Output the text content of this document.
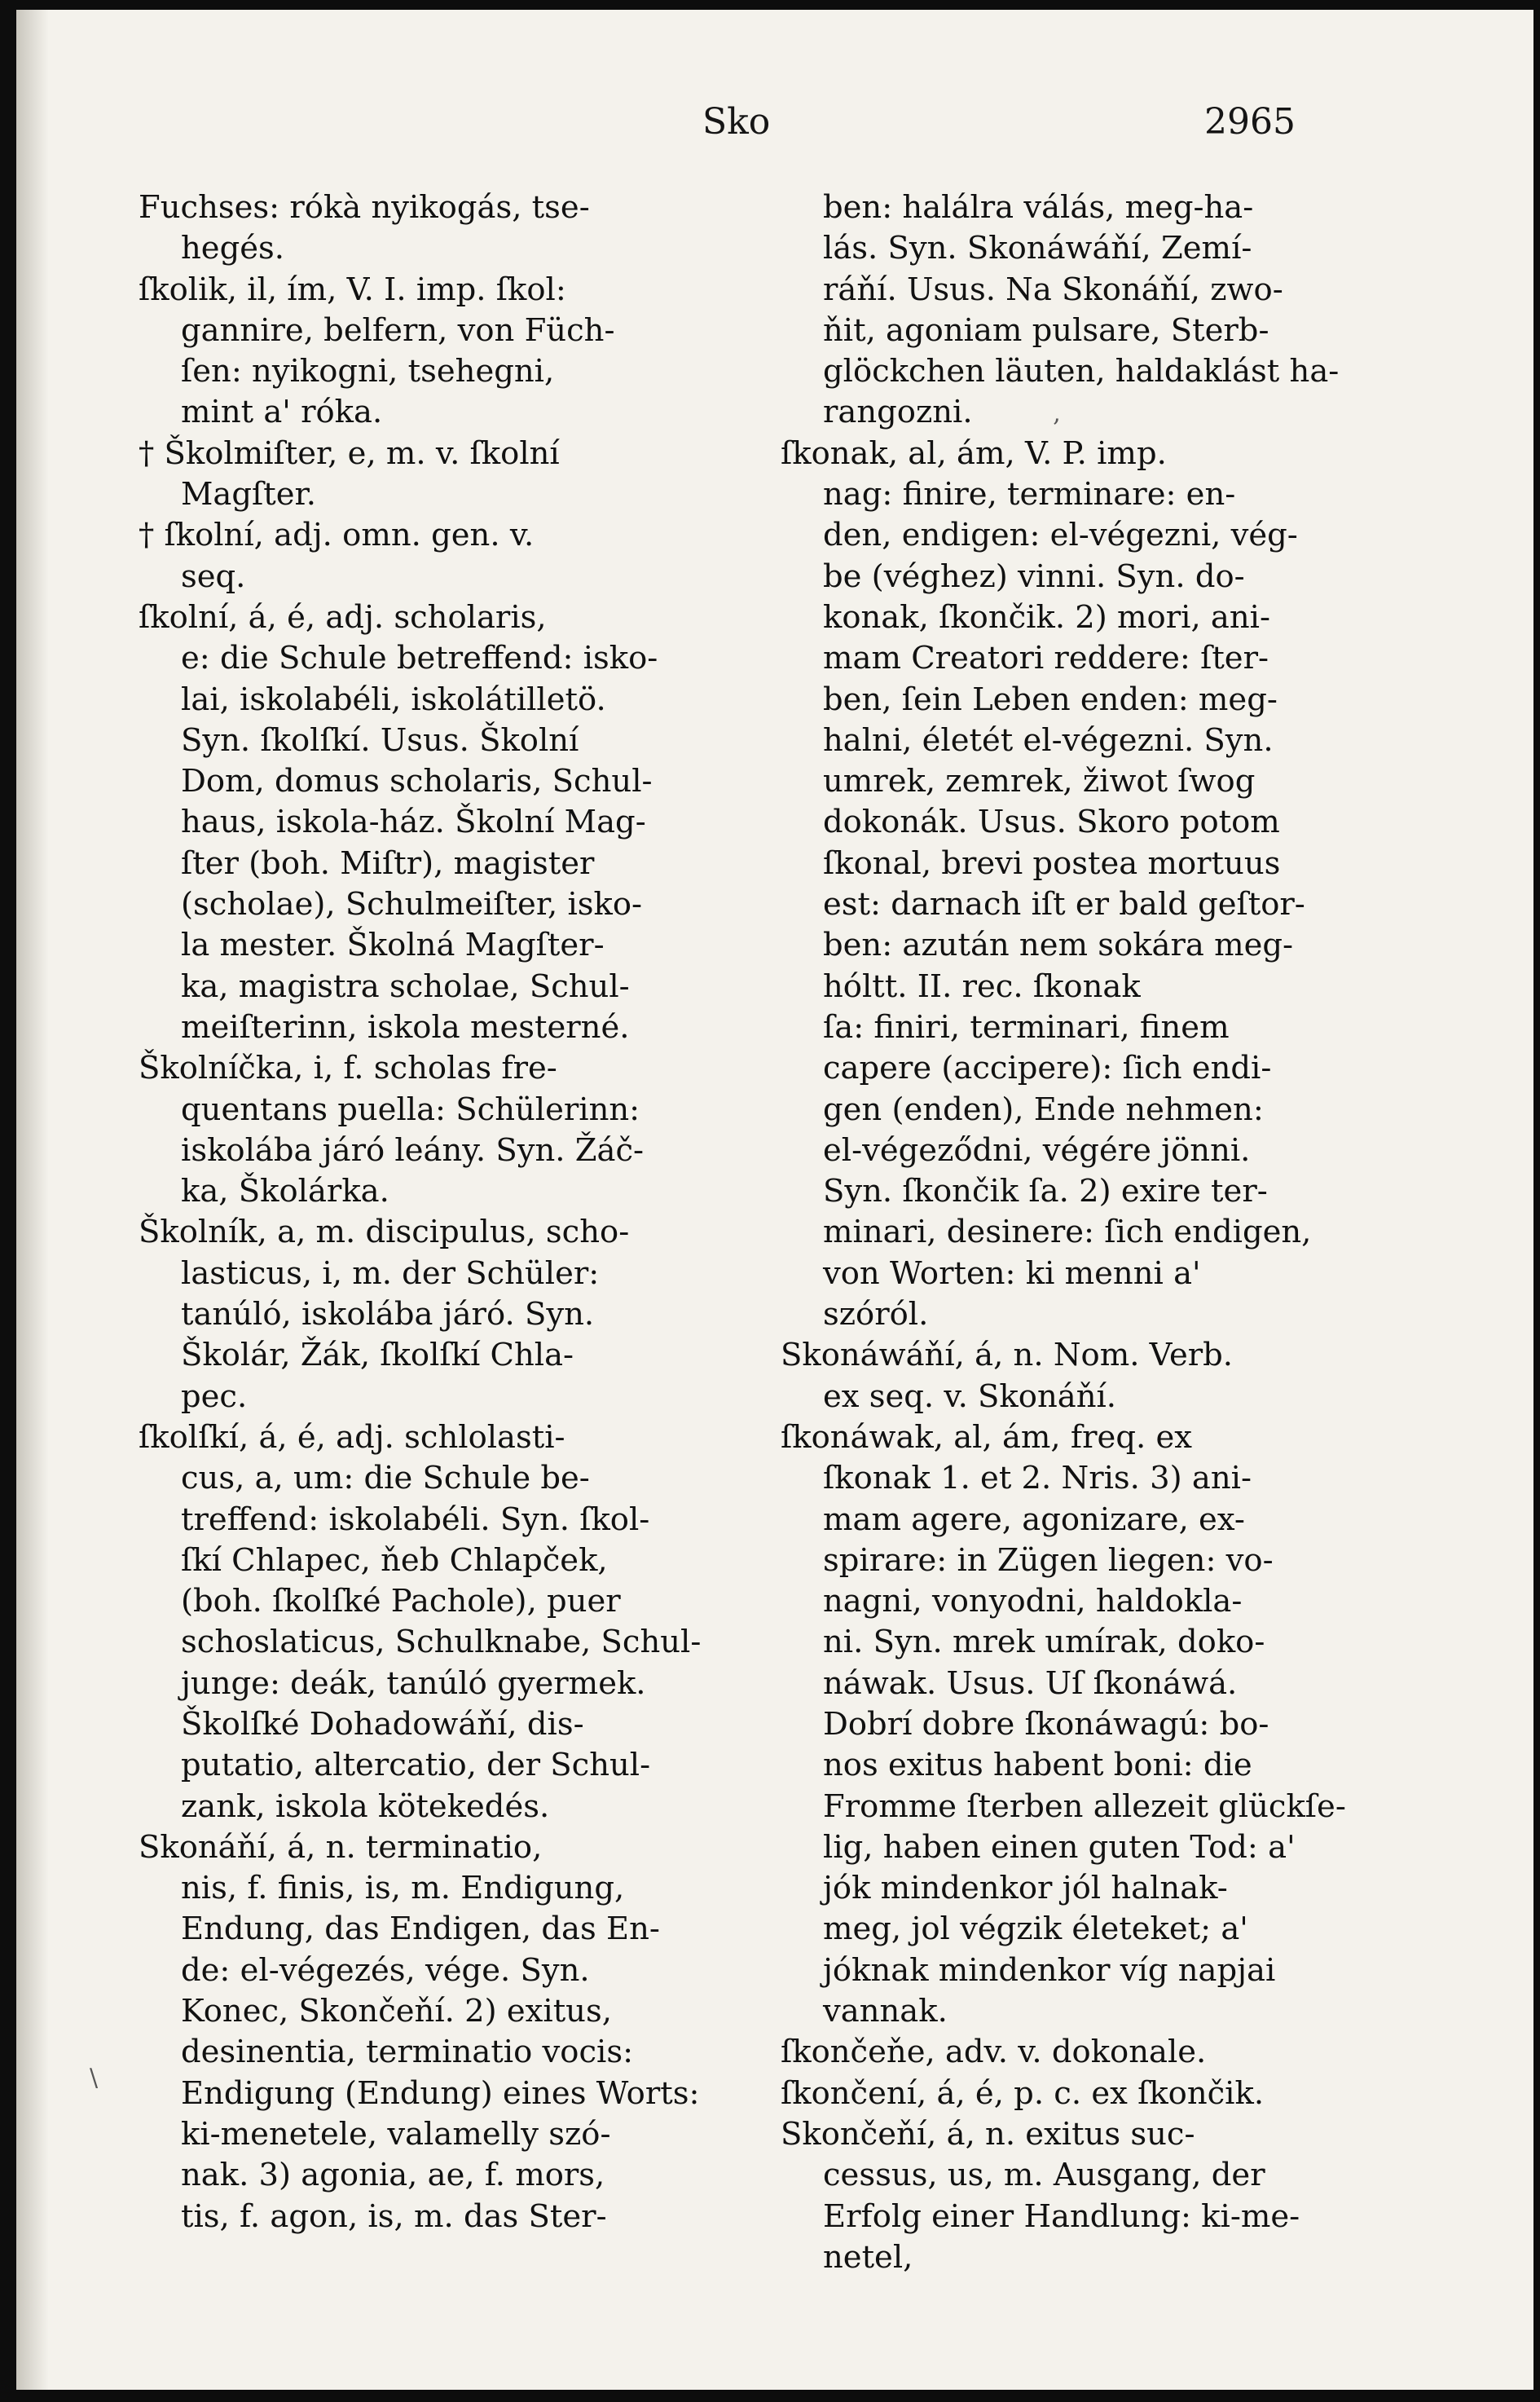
Sko	2965
Fuchses: rókà nyikogás, tse-
hegés.
ſkolik, il, ím, V. I. imp. ſkol:
gannire, belfern, von Füch-
ſen: nyikogni, tsehegni,
mint a' róka.
† Školmiſter, e, m. v. ſkolní
Magſter.
† ſkolní, adj. omn. gen. v.
seq.
ſkolní, á, é, adj. scholaris,
e: die Schule betreffend: isko-
lai, iskolabéli, iskolátilletö.
Syn. ſkolſkí. Usus. Školní
Dom, domus scholaris, Schul-
haus, iskola-ház. Školní Mag-
ſter (boh. Miſtr), magister
(scholae), Schulmeiſter, isko-
la mester. Školná Magſter-
ka, magistra scholae, Schul-
meiſterinn, iskola mesterné.
Školníčka, i, f. scholas fre-
quentans puella: Schülerinn:
iskolába járó leány. Syn. Žáč-
ka, Školárka.
Školník, a, m. discipulus, scho-
lasticus, i, m. der Schüler:
tanúló, iskolába járó. Syn.
Školár, Žák, ſkolſkí Chla-
pec.
ſkolſkí, á, é, adj. schlolasti-
cus, a, um: die Schule be-
treffend: iskolabéli. Syn. ſkol-
ſkí Chlapec, ňeb Chlapček,
(boh. ſkolſké Pachole), puer
schoslaticus, Schulknabe, Schul-
junge: deák, tanúló gyermek.
Školſké Dohadowáňí, dis-
putatio, altercatio, der Schul-
zank, iskola kötekedés.
Skonáňí, á, n. terminatio,
nis, f. finis, is, m. Endigung,
Endung, das Endigen, das En-
de: el-végezés, vége. Syn.
Konec, Skončeňí. 2) exitus,
desinentia, terminatio vocis:
Endigung (Endung) eines Worts:
ki-menetele, valamelly szó-
nak. 3) agonia, ae, f. mors,
tis, f. agon, is, m. das Ster-
ben: halálra válás, meg-ha-
lás. Syn. Skonáwáňí, Zemí-
ráňí. Usus. Na Skonáňí, zwo-
ňit, agoniam pulsare, Sterb-
glöckchen läuten, haldaklást ha-
rangozni.
ſkonak, al, ám, V. P. imp.
nag: finire, terminare: en-
den, endigen: el-végezni, vég-
be (véghez) vinni. Syn. do-
konak, ſkončik. 2) mori, ani-
mam Creatori reddere: ſter-
ben, ſein Leben enden: meg-
halni, életét el-végezni. Syn.
umrek, zemrek, žiwot ſwog
dokonák. Usus. Skoro potom
ſkonal, brevi postea mortuus
est: darnach iſt er bald geſtor-
ben: azután nem sokára meg-
hóltt. II. rec. ſkonak
ſa: finiri, terminari, finem
capere (accipere): ſich endi-
gen (enden), Ende nehmen:
el-végeződni, végére jönni.
Syn. ſkončik ſa. 2) exire ter-
minari, desinere: ſich endigen,
von Worten: ki menni a'
szóról.
Skonáwáňí, á, n. Nom. Verb.
ex seq. v. Skonáňí.
ſkonáwak, al, ám, freq. ex
ſkonak 1. et 2. Nris. 3) ani-
mam agere, agonizare, ex-
spirare: in Zügen liegen: vo-
nagni, vonyodni, haldokla-
ni. Syn. mrek umírak, doko-
náwak. Usus. Uſ ſkonáwá.
Dobrí dobre ſkonáwagú: bo-
nos exitus habent boni: die
Fromme ſterben allezeit glückſe-
lig, haben einen guten Tod: a'
jók mindenkor jól halnak-
meg, jol végzik életeket; a'
jóknak mindenkor víg napjai
vannak.
ſkončeňe, adv. v. dokonale.
ſkončení, á, é, p. c. ex ſkončik.
Skončeňí, á, n. exitus suc-
cessus, us, m. Ausgang, der
Erfolg einer Handlung: ki-me-
netel,
‚
\
